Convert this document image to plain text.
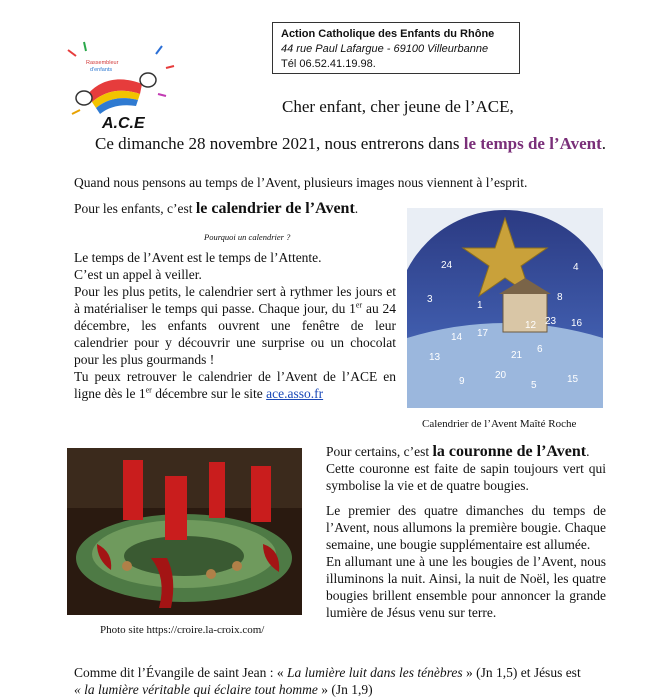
Action Catholique des Enfants du Rhône
44 rue Paul Lafargue - 69100 Villeurbanne
Tél 06.52.41.19.98.
Rassembleur
d'enfants
A.C.E
Cher enfant, cher jeune de l’ACE,
Ce dimanche 28 novembre 2021, nous entrerons dans le temps de l’Avent.
Quand nous pensons au temps de l’Avent, plusieurs images nous viennent à l’esprit.
Pour les enfants, c’est le calendrier de l’Avent.
Pourquoi un calendrier ?

Le temps de l’Avent est le temps de l’Attente.

C’est un appel à veiller.

Pour les plus petits, le calendrier sert à rythmer les jours et à matérialiser le temps qui passe. Chaque jour, du 1er au 24 décembre, les enfants ouvrent une fenêtre de leur calendrier pour y découvrir une surprise ou un chocolat pour les plus gourmands !

Tu peux retrouver le calendrier de l’Avent de l’ACE en ligne dès le 1er décembre sur le site ace.asso.fr

24	4
8
3
23 16
1
12
17
6
14
13	21
20
5
15
9
Calendrier de l’Avent Maîté Roche
Photo site https://croire.la-croix.com/

Pour certains, c’est la couronne de l’Avent.
Cette couronne est faite de sapin toujours vert qui symbolise la vie et de quatre bougies.

Le premier des quatre dimanches du temps de l’Avent, nous allumons la première bougie. Chaque semaine, une bougie supplémentaire est allumée.

En allumant une à une les bougies de l’Avent, nous illuminons la nuit. Ainsi, la nuit de Noël, les quatre bougies brillent ensemble pour annoncer la grande lumière de Jésus venu sur terre.

Comme dit l’Évangile de saint Jean : « La lumière luit dans les ténèbres » (Jn 1,5) et Jésus est
« la lumière véritable qui éclaire tout homme » (Jn 1,9)
